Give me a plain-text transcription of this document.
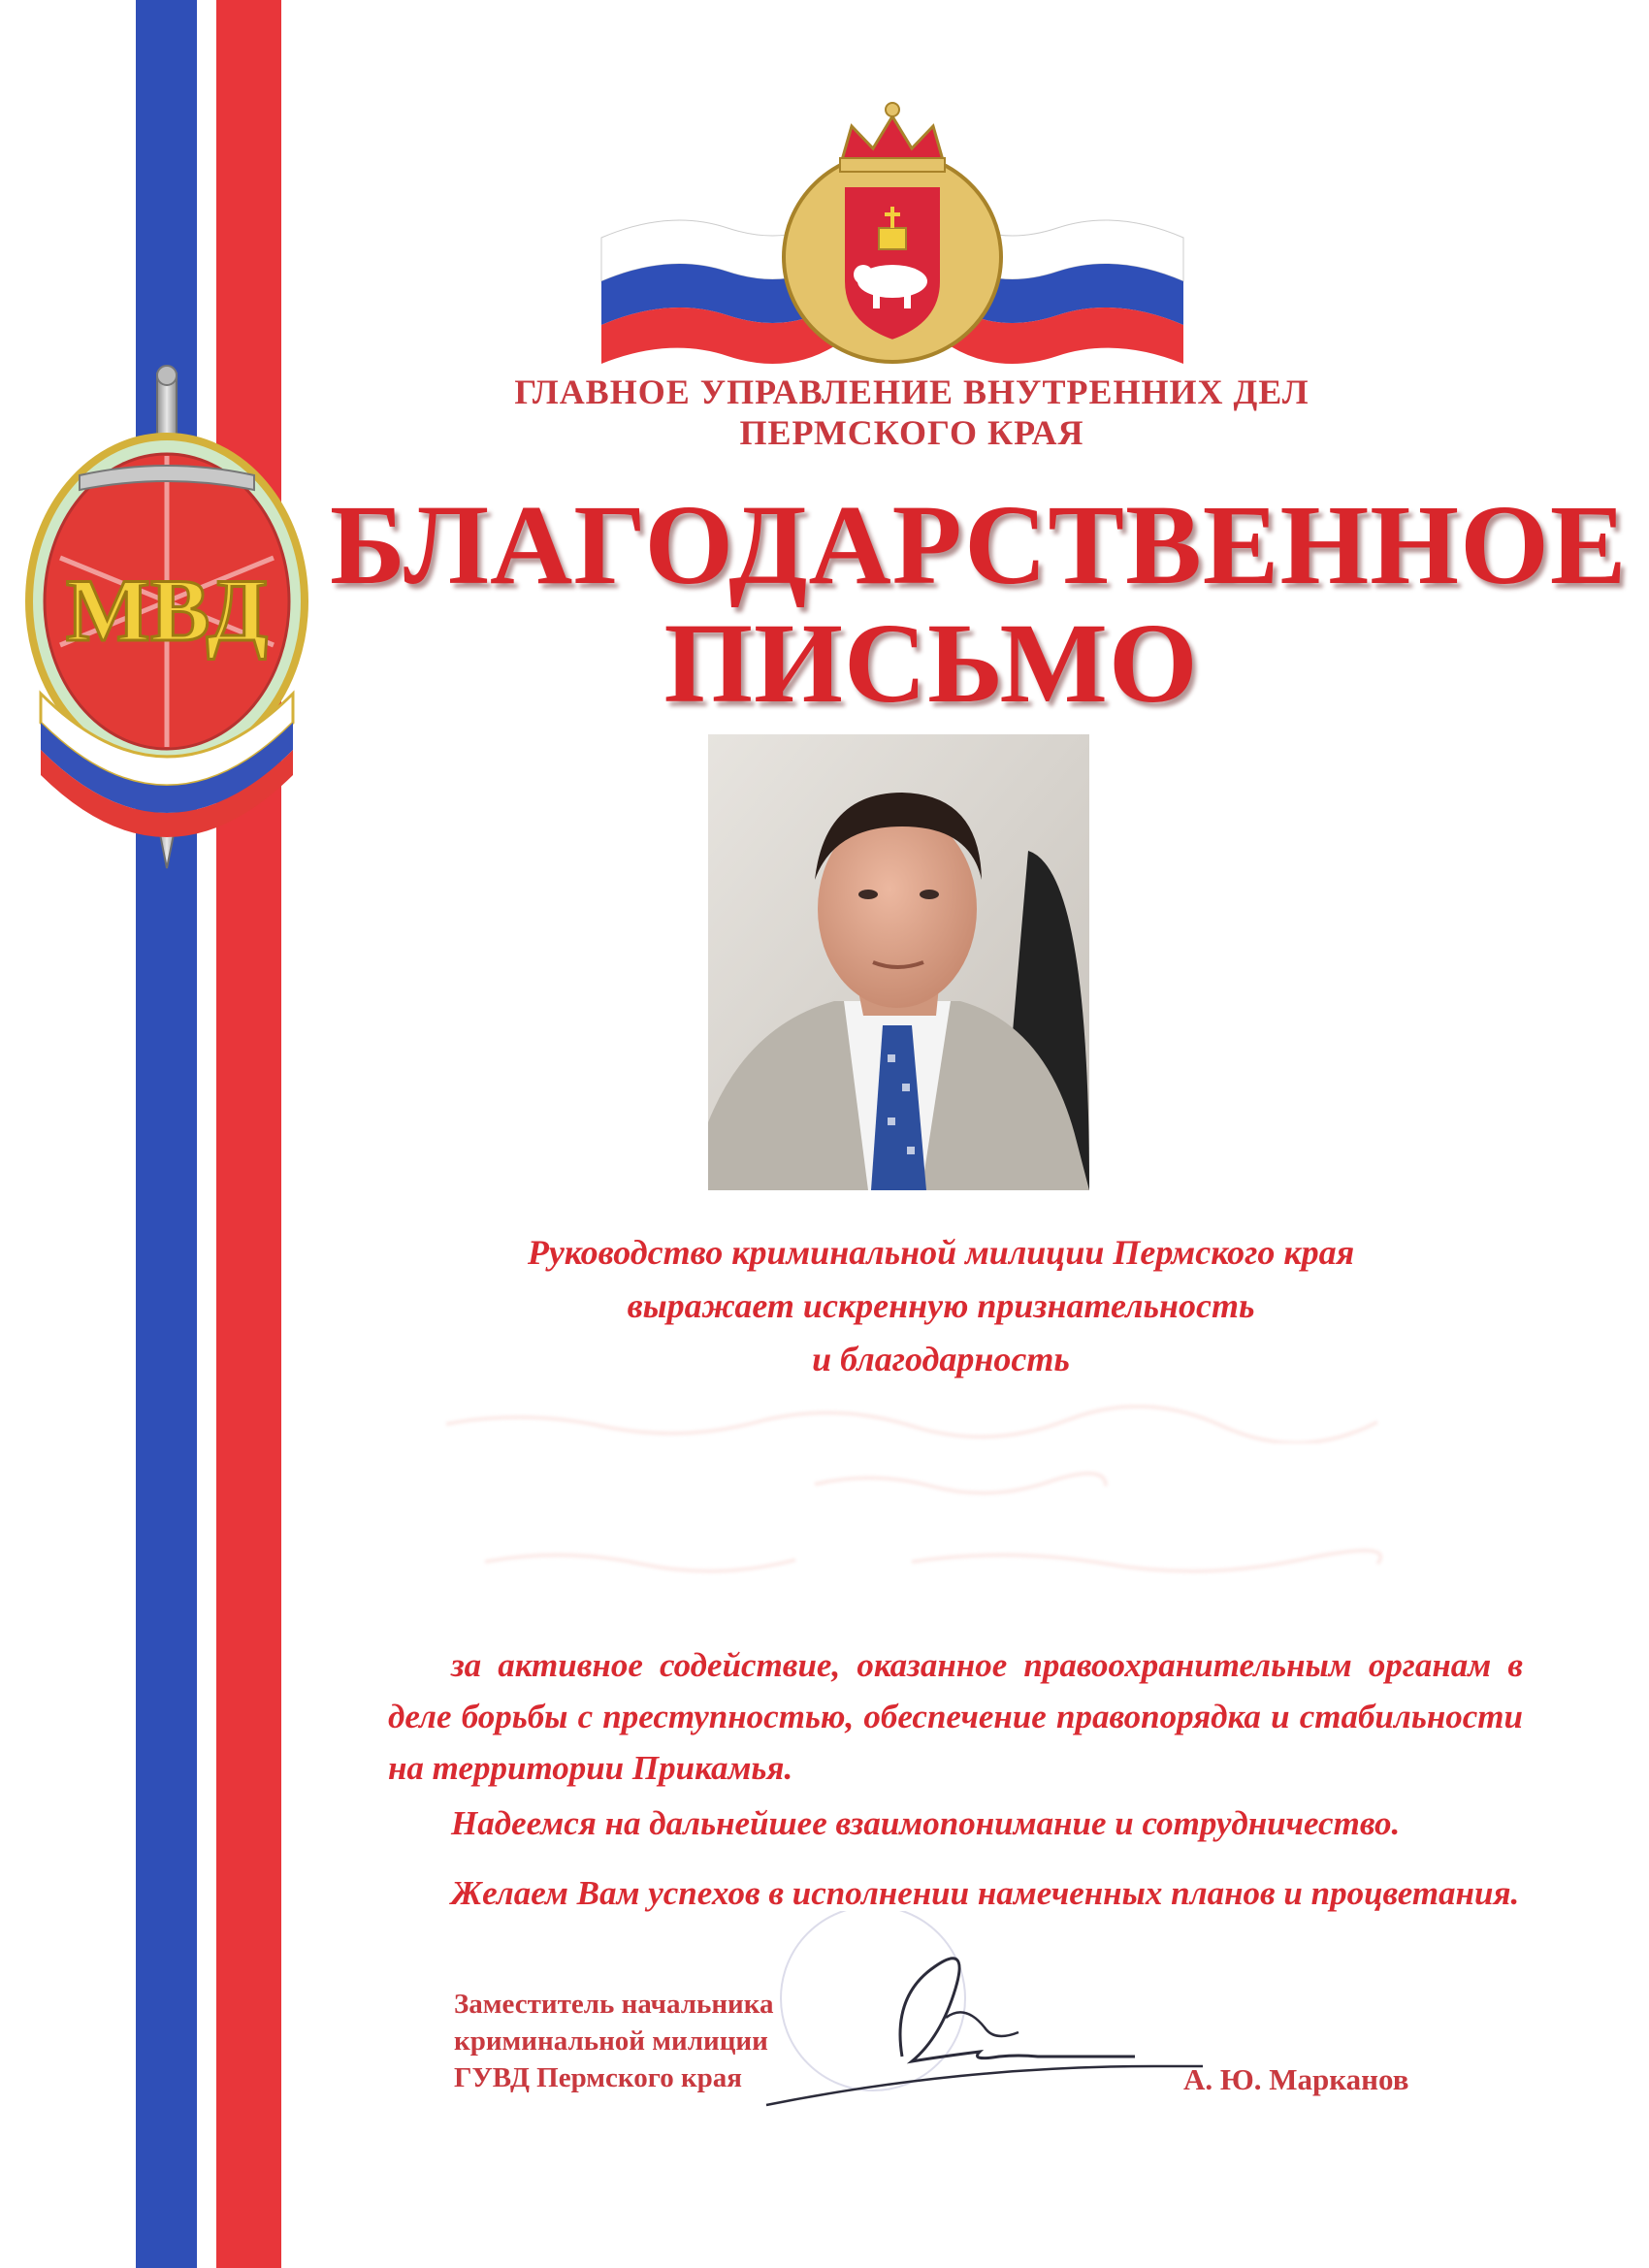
МВД
ГЛАВНОЕ УПРАВЛЕНИЕ ВНУТРЕННИХ ДЕЛ
ПЕРМСКОГО КРАЯ
БЛАГОДАРСТВЕННОЕ
ПИСЬМО
Руководство криминальной милиции Пермского края
выражает искренную признательность
и благодарность
за активное содействие, оказанное правоохранительным органам в деле борьбы с преступностью, обеспечение правопорядка и стабильности на территории Прикамья.
Надеемся на дальнейшее взаимопонимание и сотрудничество.
Желаем Вам успехов в исполнении намеченных планов и процветания.
Заместитель начальника
криминальной милиции
ГУВД Пермского края	А. Ю. Марканов
